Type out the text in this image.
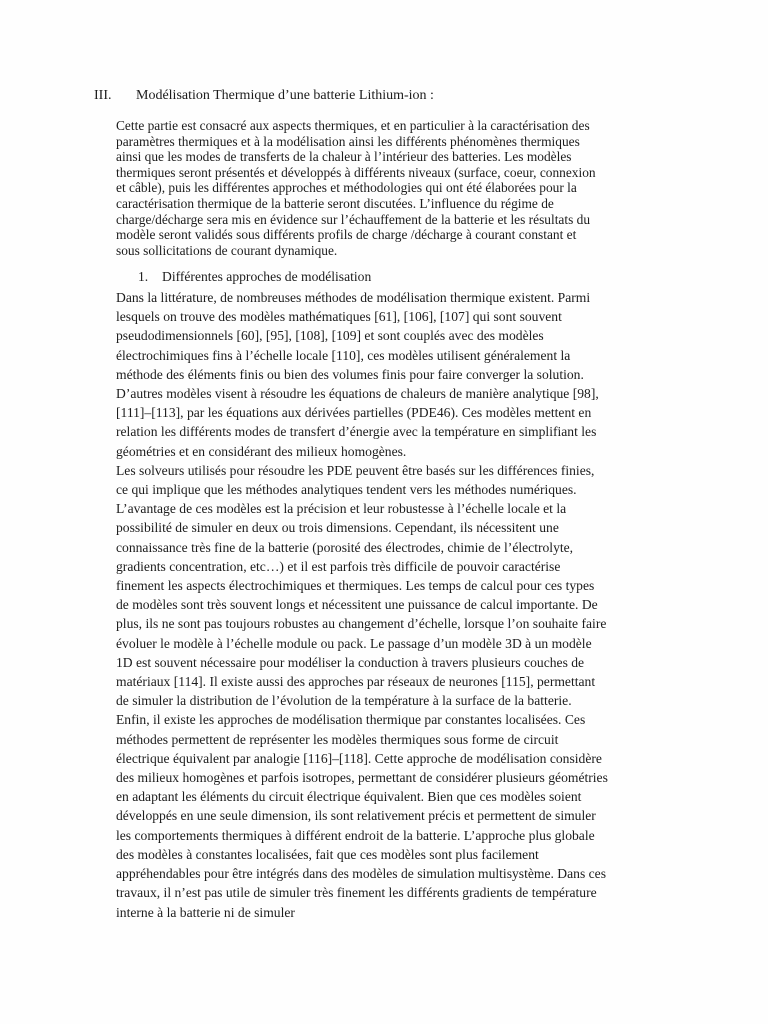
III. Modélisation Thermique d’une batterie Lithium-ion :

Cette partie est consacré aux aspects thermiques, et en particulier à la caractérisation des

paramètres thermiques et à la modélisation ainsi les différents phénomènes thermiques

ainsi que les modes de transferts de la chaleur à l’intérieur des batteries. Les modèles

thermiques seront présentés et développés à différents niveaux (surface, coeur, connexion

et câble), puis les différentes approches et méthodologies qui ont été élaborées pour la

caractérisation thermique de la batterie seront discutées. L’influence du régime de

charge/décharge sera mis en évidence sur l’échauffement de la batterie et les résultats du

modèle seront validés sous différents profils de charge /décharge à courant constant et

sous sollicitations de courant dynamique.

1. Différentes approches de modélisation

Dans la littérature, de nombreuses méthodes de modélisation thermique existent. Parmi

lesquels on trouve des modèles mathématiques [61], [106], [107] qui sont souvent

pseudodimensionnels [60], [95], [108], [109] et sont couplés avec des modèles

électrochimiques fins à l’échelle locale [110], ces modèles utilisent généralement la

méthode des éléments finis ou bien des volumes finis pour faire converger la solution.

D’autres modèles visent à résoudre les équations de chaleurs de manière analytique [98],

[111]–[113], par les équations aux dérivées partielles (PDE46). Ces modèles mettent en

relation les différents modes de transfert d’énergie avec la température en simplifiant les

géométries et en considérant des milieux homogènes.

Les solveurs utilisés pour résoudre les PDE peuvent être basés sur les différences finies,

ce qui implique que les méthodes analytiques tendent vers les méthodes numériques.

L’avantage de ces modèles est la précision et leur robustesse à l’échelle locale et la

possibilité de simuler en deux ou trois dimensions. Cependant, ils nécessitent une

connaissance très fine de la batterie (porosité des électrodes, chimie de l’électrolyte,

gradients concentration, etc…) et il est parfois très difficile de pouvoir caractérise

finement les aspects électrochimiques et thermiques. Les temps de calcul pour ces types

de modèles sont très souvent longs et nécessitent une puissance de calcul importante. De

plus, ils ne sont pas toujours robustes au changement d’échelle, lorsque l’on souhaite faire

évoluer le modèle à l’échelle module ou pack. Le passage d’un modèle 3D à un modèle

1D est souvent nécessaire pour modéliser la conduction à travers plusieurs couches de

matériaux [114]. Il existe aussi des approches par réseaux de neurones [115], permettant

de simuler la distribution de l’évolution de la température à la surface de la batterie.

Enfin, il existe les approches de modélisation thermique par constantes localisées. Ces

méthodes permettent de représenter les modèles thermiques sous forme de circuit

électrique équivalent par analogie [116]–[118]. Cette approche de modélisation considère

des milieux homogènes et parfois isotropes, permettant de considérer plusieurs géométries

en adaptant les éléments du circuit électrique équivalent. Bien que ces modèles soient

développés en une seule dimension, ils sont relativement précis et permettent de simuler

les comportements thermiques à différent endroit de la batterie. L’approche plus globale

des modèles à constantes localisées, fait que ces modèles sont plus facilement

appréhendables pour être intégrés dans des modèles de simulation multisystème. Dans ces

travaux, il n’est pas utile de simuler très finement les différents gradients de température

interne à la batterie ni de simuler
